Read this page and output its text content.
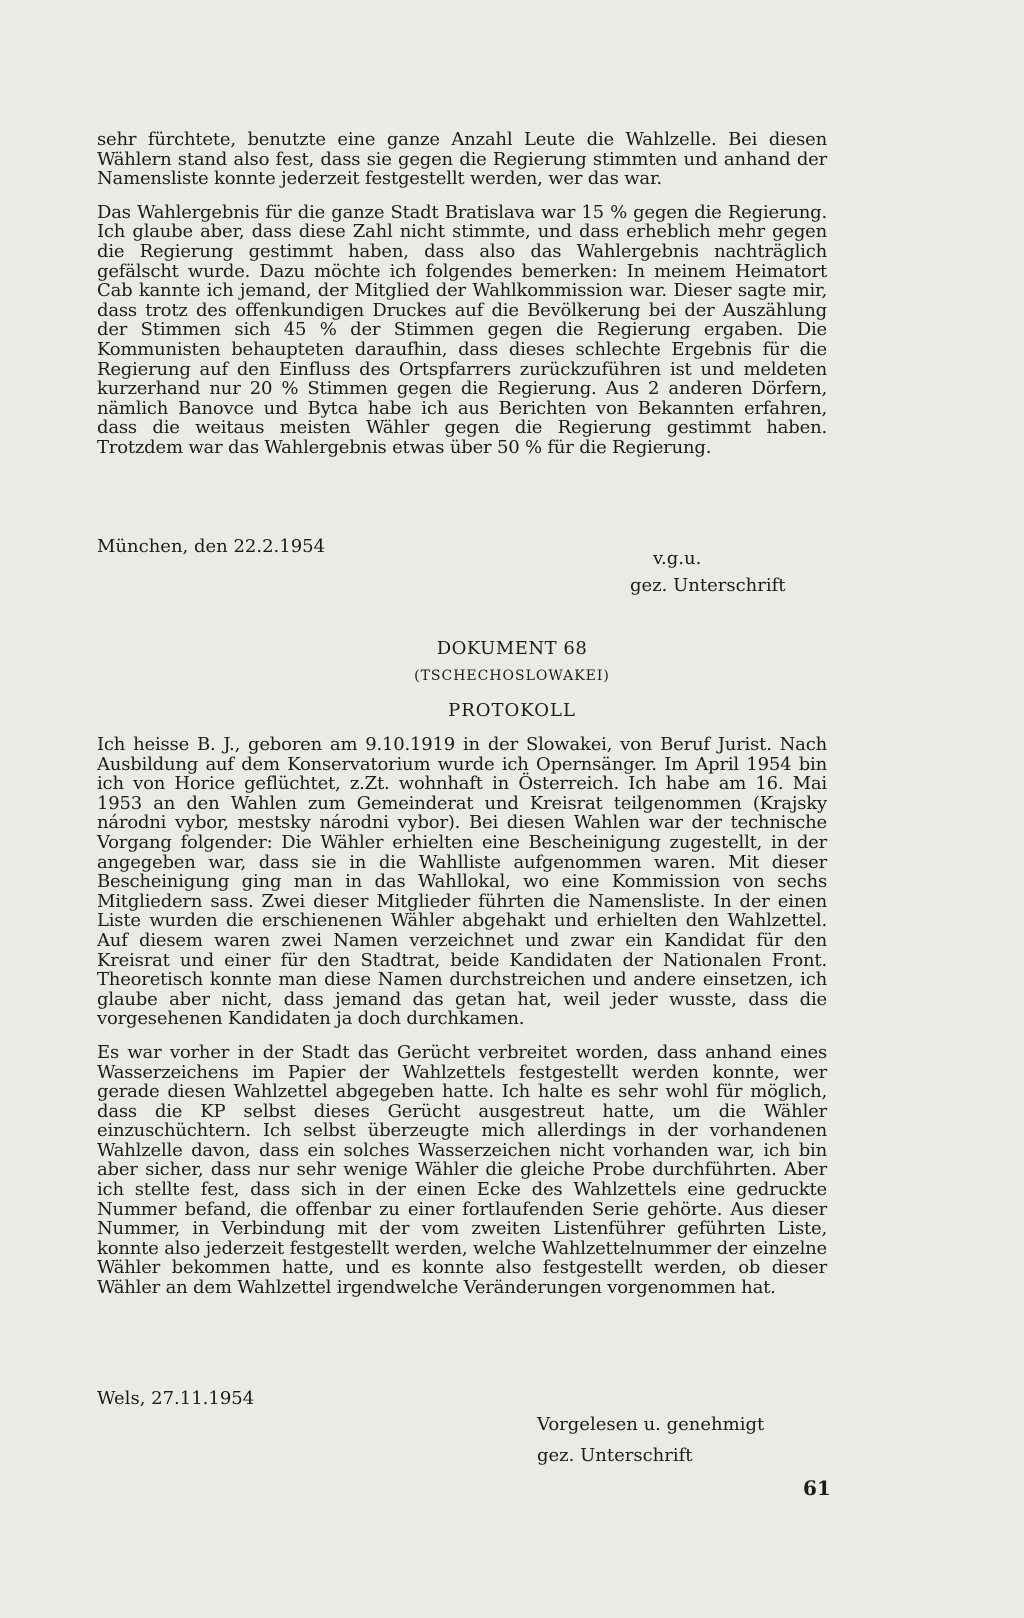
sehr fürchtete, benutzte eine ganze Anzahl Leute die Wahlzelle. Bei diesen Wählern stand also fest, dass sie gegen die Regierung stimmten und anhand der Namensliste konnte jederzeit festgestellt werden, wer das war.

Das Wahlergebnis für die ganze Stadt Bratislava war 15 % gegen die Regierung. Ich glaube aber, dass diese Zahl nicht stimmte, und dass erheblich mehr gegen die Regierung gestimmt haben, dass also das Wahlergebnis nachträglich gefälscht wurde. Dazu möchte ich folgendes bemerken: In meinem Heimatort Cab kannte ich jemand, der Mitglied der Wahlkommission war. Dieser sagte mir, dass trotz des offenkundigen Druckes auf die Bevölkerung bei der Auszählung der Stimmen sich 45 % der Stimmen gegen die Regierung ergaben. Die Kommunisten behaupteten daraufhin, dass dieses schlechte Ergebnis für die Regierung auf den Einfluss des Ortspfarrers zurückzuführen ist und meldeten kurzerhand nur 20 % Stimmen gegen die Regierung. Aus 2 anderen Dörfern, nämlich Banovce und Bytca habe ich aus Berichten von Bekannten erfahren, dass die weitaus meisten Wähler gegen die Regierung gestimmt haben. Trotzdem war das Wahlergebnis etwas über 50 % für die Regierung.

München, den 22.2.1954
v.g.u.
gez. Unterschrift
DOKUMENT 68
(TSCHECHOSLOWAKEI)
PROTOKOLL

Ich heisse B. J., geboren am 9.10.1919 in der Slowakei, von Beruf Jurist. Nach Ausbildung auf dem Konservatorium wurde ich Opernsänger. Im April 1954 bin ich von Horice geflüchtet, z.Zt. wohnhaft in Österreich. Ich habe am 16. Mai 1953 an den Wahlen zum Gemeinderat und Kreisrat teilgenommen (Krajsky národni vybor, mestsky národni vybor). Bei diesen Wahlen war der technische Vorgang folgender: Die Wähler erhielten eine Bescheinigung zugestellt, in der angegeben war, dass sie in die Wahlliste aufgenommen waren. Mit dieser Bescheinigung ging man in das Wahllokal, wo eine Kommission von sechs Mitgliedern sass. Zwei dieser Mitglieder führten die Namensliste. In der einen Liste wurden die erschienenen Wähler abgehakt und erhielten den Wahlzettel. Auf diesem waren zwei Namen verzeichnet und zwar ein Kandidat für den Kreisrat und einer für den Stadtrat, beide Kandidaten der Nationalen Front. Theoretisch konnte man diese Namen durchstreichen und andere einsetzen, ich glaube aber nicht, dass jemand das getan hat, weil jeder wusste, dass die vorgesehenen Kandidaten ja doch durchkamen.

Es war vorher in der Stadt das Gerücht verbreitet worden, dass anhand eines Wasserzeichens im Papier der Wahlzettels festgestellt werden konnte, wer gerade diesen Wahlzettel abgegeben hatte. Ich halte es sehr wohl für möglich, dass die KP selbst dieses Gerücht ausgestreut hatte, um die Wähler einzuschüchtern. Ich selbst überzeugte mich allerdings in der vorhandenen Wahlzelle davon, dass ein solches Wasserzeichen nicht vorhanden war, ich bin aber sicher, dass nur sehr wenige Wähler die gleiche Probe durchführten. Aber ich stellte fest, dass sich in der einen Ecke des Wahlzettels eine gedruckte Nummer befand, die offenbar zu einer fortlaufenden Serie gehörte. Aus dieser Nummer, in Verbindung mit der vom zweiten Listenführer geführten Liste, konnte also jederzeit festgestellt werden, welche Wahlzettelnummer der einzelne Wähler bekommen hatte, und es konnte also festgestellt werden, ob dieser Wähler an dem Wahlzettel irgendwelche Veränderungen vorgenommen hat.

Wels, 27.11.1954
Vorgelesen u. genehmigt
gez. Unterschrift
61
